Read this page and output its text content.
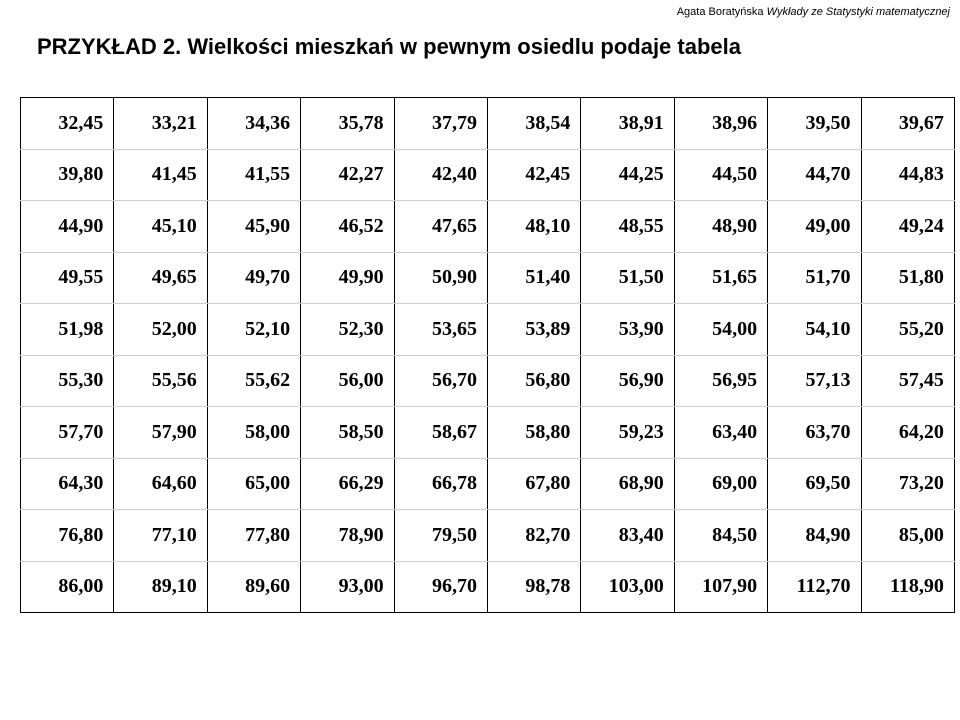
Agata Boratyńska Wykłady ze Statystyki matematycznej
PRZYKŁAD 2. Wielkości mieszkań w pewnym osiedlu podaje tabela
32,45	33,21	34,36	35,78	37,79	38,54	38,91	38,96	39,50	39,67
39,80	41,45	41,55	42,27	42,40	42,45	44,25	44,50	44,70	44,83
44,90	45,10	45,90	46,52	47,65	48,10	48,55	48,90	49,00	49,24
49,55	49,65	49,70	49,90	50,90	51,40	51,50	51,65	51,70	51,80
51,98	52,00	52,10	52,30	53,65	53,89	53,90	54,00	54,10	55,20
55,30	55,56	55,62	56,00	56,70	56,80	56,90	56,95	57,13	57,45
57,70	57,90	58,00	58,50	58,67	58,80	59,23	63,40	63,70	64,20
64,30	64,60	65,00	66,29	66,78	67,80	68,90	69,00	69,50	73,20
76,80	77,10	77,80	78,90	79,50	82,70	83,40	84,50	84,90	85,00
86,00	89,10	89,60	93,00	96,70	98,78	103,00	107,90	112,70	118,90
